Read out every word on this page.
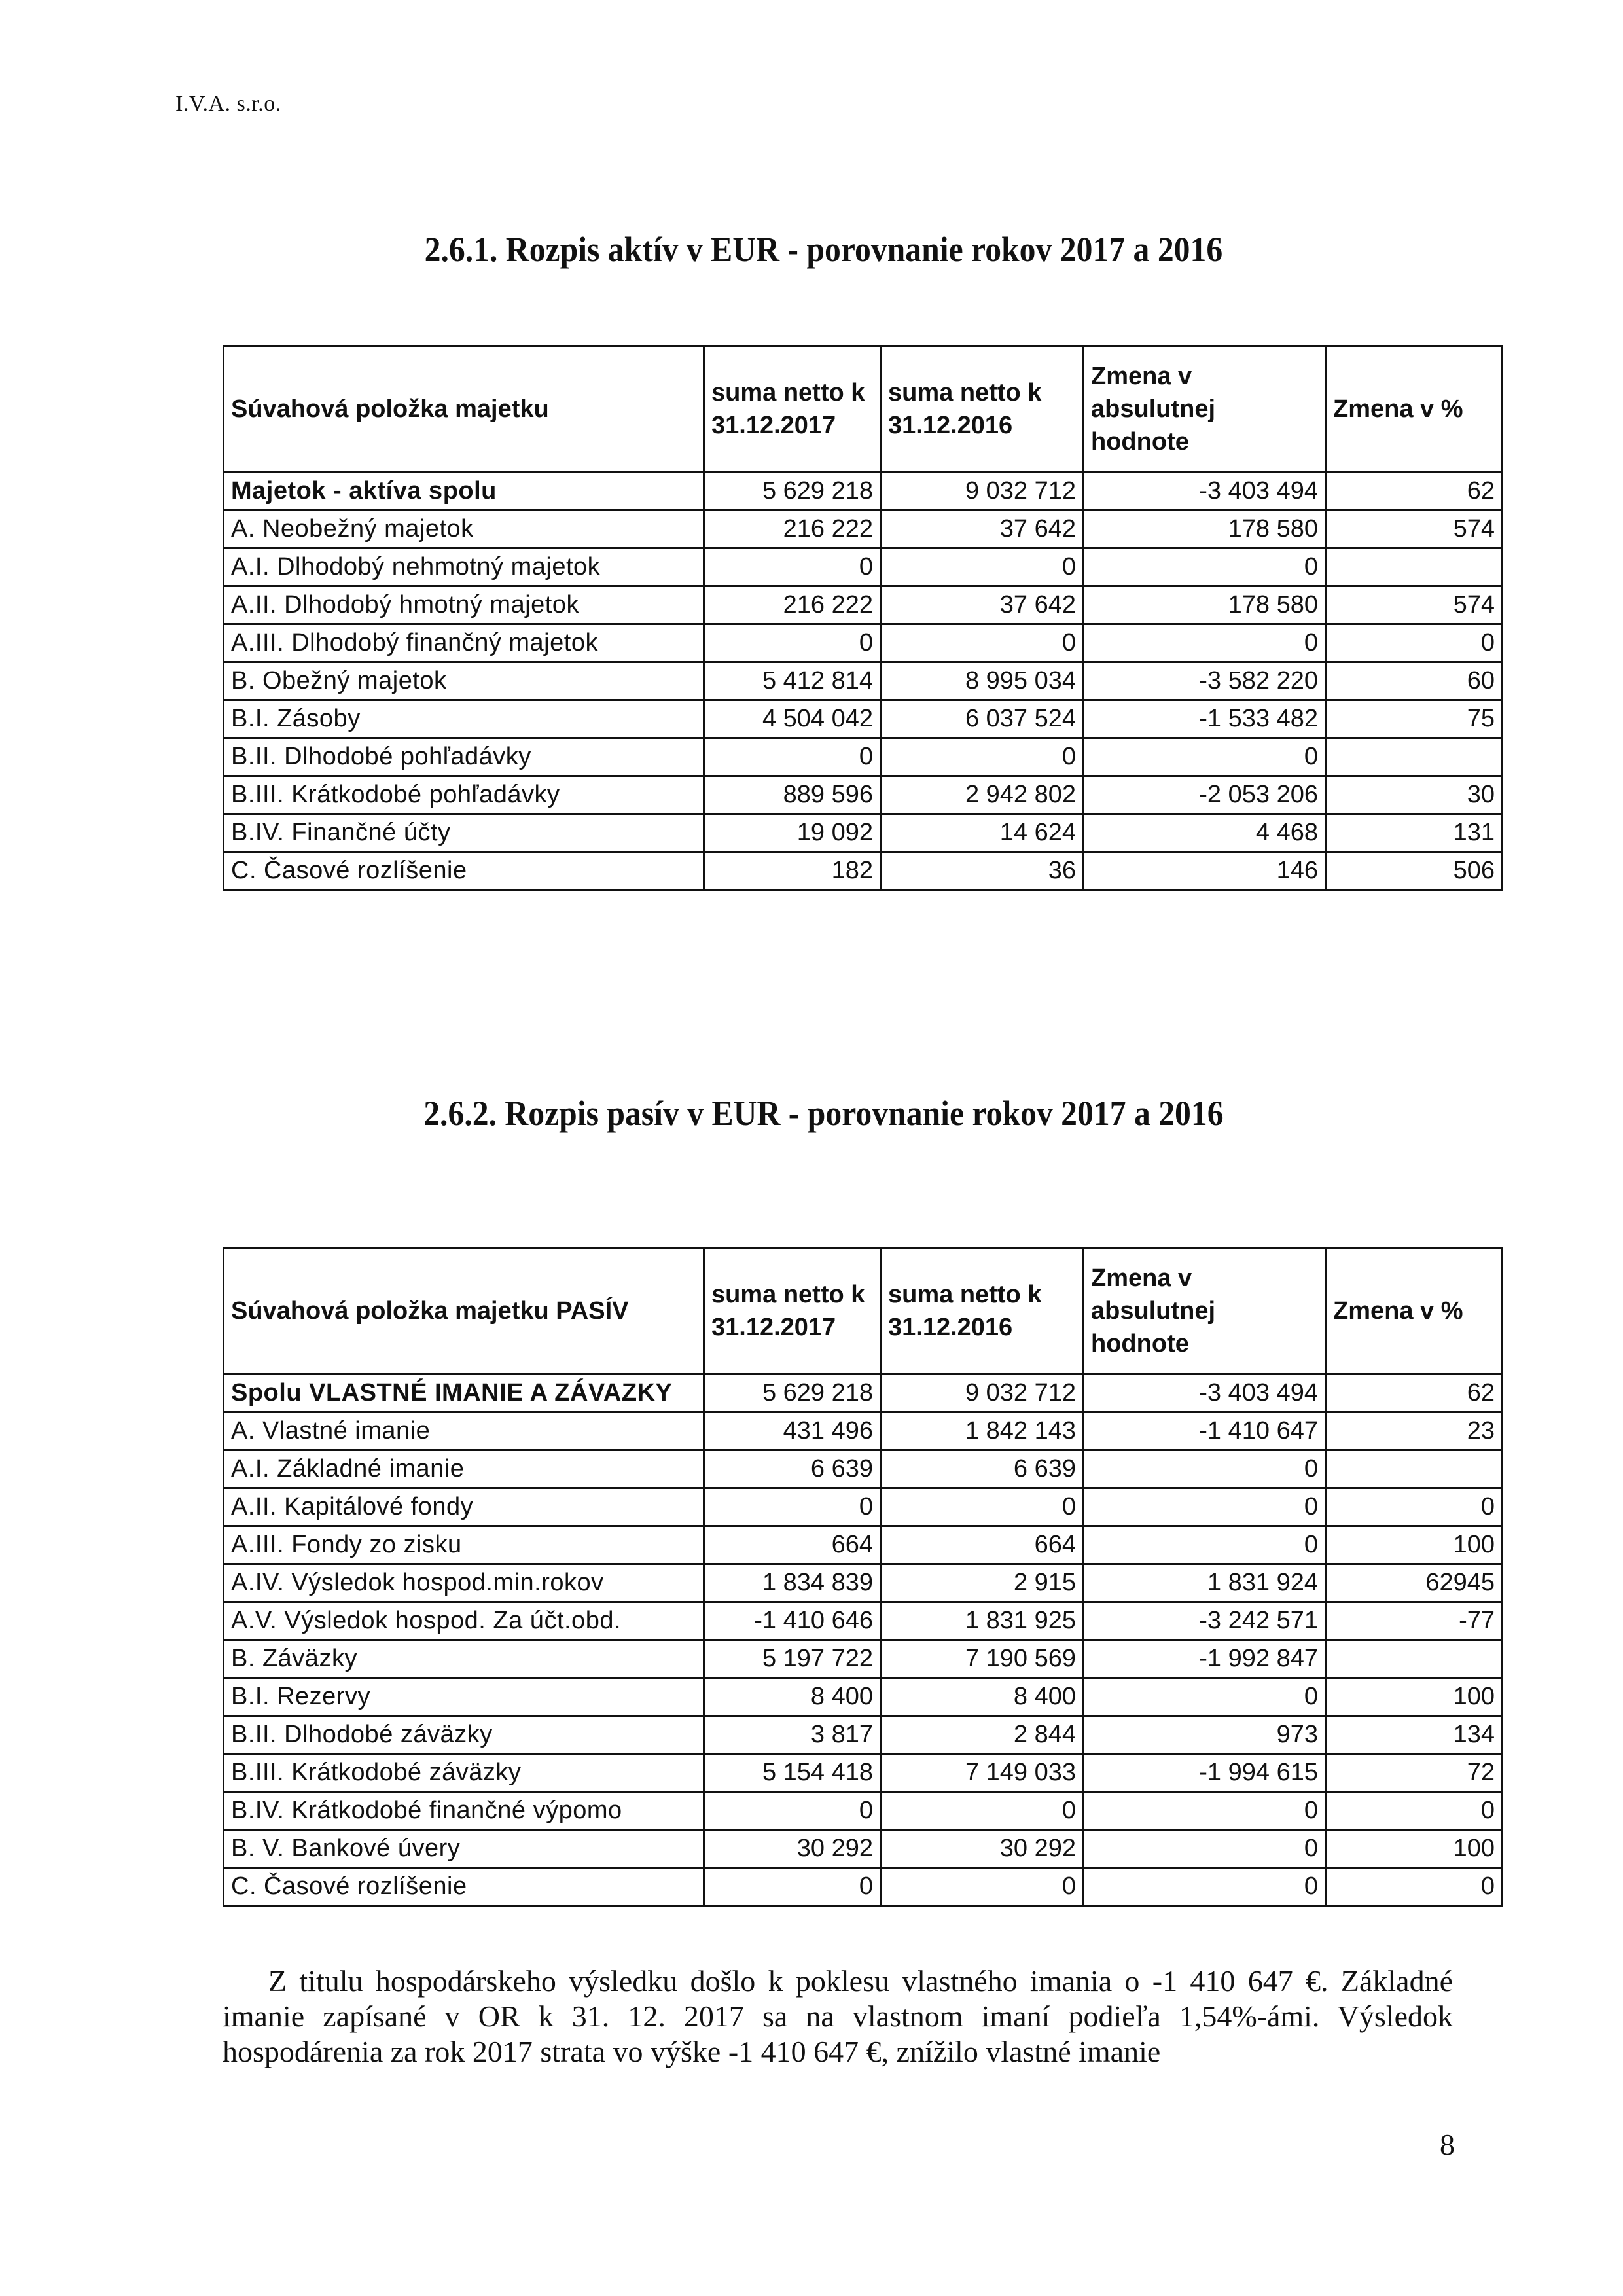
I.V.A. s.r.o.
2.6.1. Rozpis aktív v EUR - porovnanie rokov 2017 a 2016
Súvahová položka majetku	suma netto k 31.12.2017	suma netto k 31.12.2016	Zmena v absulutnej hodnote	Zmena v %
Majetok - aktíva spolu	5 629 218	9 032 712	-3 403 494	62
A. Neobežný majetok	216 222	37 642	178 580	574
A.I. Dlhodobý nehmotný majetok	0	0	0	
A.II. Dlhodobý hmotný majetok	216 222	37 642	178 580	574
A.III. Dlhodobý finančný majetok	0	0	0	0
B. Obežný majetok	5 412 814	8 995 034	-3 582 220	60
B.I. Zásoby	4 504 042	6 037 524	-1 533 482	75
B.II. Dlhodobé pohľadávky	0	0	0	
B.III. Krátkodobé pohľadávky	889 596	2 942 802	-2 053 206	30
B.IV. Finančné účty	19 092	14 624	4 468	131
C. Časové rozlíšenie	182	36	146	506
2.6.2. Rozpis pasív v EUR - porovnanie rokov 2017 a 2016
Súvahová položka majetku PASÍV	suma netto k 31.12.2017	suma netto k 31.12.2016	Zmena v absulutnej hodnote	Zmena v %
Spolu VLASTNÉ IMANIE A ZÁVAZKY	5 629 218	9 032 712	-3 403 494	62
A. Vlastné imanie	431 496	1 842 143	-1 410 647	23
A.I. Základné imanie	6 639	6 639	0	
A.II. Kapitálové fondy	0	0	0	0
A.III. Fondy zo zisku	664	664	0	100
A.IV. Výsledok hospod.min.rokov	1 834 839	2 915	1 831 924	62945
A.V. Výsledok hospod. Za účt.obd.	-1 410 646	1 831 925	-3 242 571	-77
B. Záväzky	5 197 722	7 190 569	-1 992 847	
B.I. Rezervy	8 400	8 400	0	100
B.II. Dlhodobé záväzky	3 817	2 844	973	134
B.III. Krátkodobé záväzky	5 154 418	7 149 033	-1 994 615	72
B.IV. Krátkodobé finančné výpomo	0	0	0	0
B. V. Bankové úvery	30 292	30 292	0	100
C. Časové rozlíšenie	0	0	0	0
Z titulu hospodárskeho výsledku došlo k poklesu vlastného imania o -1 410 647 €. Základné imanie zapísané v OR k 31. 12. 2017 sa na vlastnom imaní podieľa 1,54%-ámi. Výsledok hospodárenia za rok 2017 strata vo výške -1 410 647 €, znížilo vlastné imanie
8
